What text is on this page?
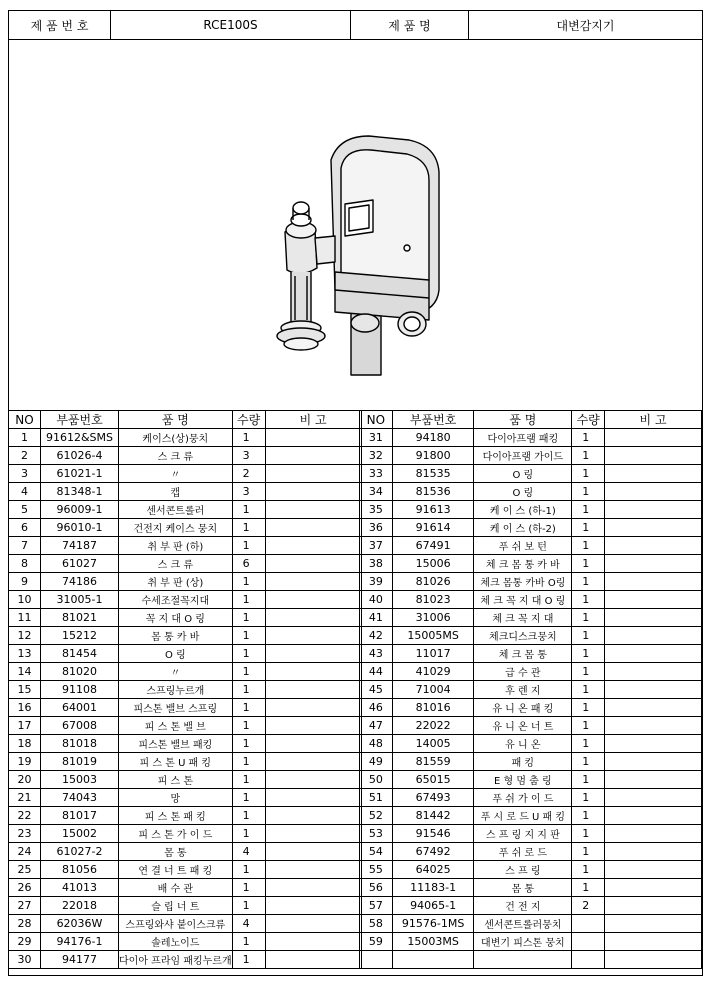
제 품 번 호	RCE100S	제 품 명	대변감지기
NO	부품번호	품 명	수량	비 고
1	91612&SMS	케이스(상)뭉치	1	
2	61026-4	스 크 류	3	
3	61021-1	〃	2	
4	81348-1	캡	3	
5	96009-1	센서콘트롤러	1	
6	96010-1	건전지 케이스 뭉치	1	
7	74187	취 부 판 (하)	1	
8	61027	스 크 류	6	
9	74186	취 부 판 (상)	1	
10	31005-1	수세조절꼭지대	1	
11	81021	꼭 지 대 O 링	1	
12	15212	몸 통 카 바	1	
13	81454	O 링	1	
14	81020	〃	1	
15	91108	스프링누르개	1	
16	64001	피스톤 밸브 스프링	1	
17	67008	피 스 톤 밸 브	1	
18	81018	피스톤 밸브 패킹	1	
19	81019	피 스 톤 U 패 킹	1	
20	15003	피 스 톤	1	
21	74043	망	1	
22	81017	피 스 톤 패 킹	1	
23	15002	피 스 톤 가 이 드	1	
24	61027-2	몸 통	4	
25	81056	연 결 너 트 패 킹	1	
26	41013	배 수 관	1	
27	22018	슬 립 너 트	1	
28	62036W	스프링와샤 붙이스크류	4	
29	94176-1	솔레노이드	1	
30	94177	다이아 프라임 패킹누르개	1	
NO	부품번호	품 명	수량	비 고
31	94180	다이아프램 패킹	1	
32	91800	다이아프램 가이드	1	
33	81535	O 링	1	
34	81536	O 링	1	
35	91613	케 이 스 (하-1)	1	
36	91614	케 이 스 (하-2)	1	
37	67491	푸 쉬 보 턴	1	
38	15006	체 크 몸 통 카 바	1	
39	81026	체크 몸통 카바 O링	1	
40	81023	체 크 꼭 지 대 O 링	1	
41	31006	체 크 꼭 지 대	1	
42	15005MS	체크디스크뭉치	1	
43	11017	체 크 몸 통	1	
44	41029	급 수 관	1	
45	71004	후 렌 지	1	
46	81016	유 니 온 패 킹	1	
47	22022	유 니 온 너 트	1	
48	14005	유 니 온	1	
49	81559	패 킹	1	
50	65015	E 형 멈 춤 링	1	
51	67493	푸 쉬 가 이 드	1	
52	81442	푸 시 로 드 U 패 킹	1	
53	91546	스 프 링 지 지 판	1	
54	67492	푸 쉬 로 드	1	
55	64025	스 프 링	1	
56	11183-1	몸 통	1	
57	94065-1	건 전 지	2	
58	91576-1MS	센서콘트롤러뭉치		
59	15003MS	대변기 피스톤 뭉치		
